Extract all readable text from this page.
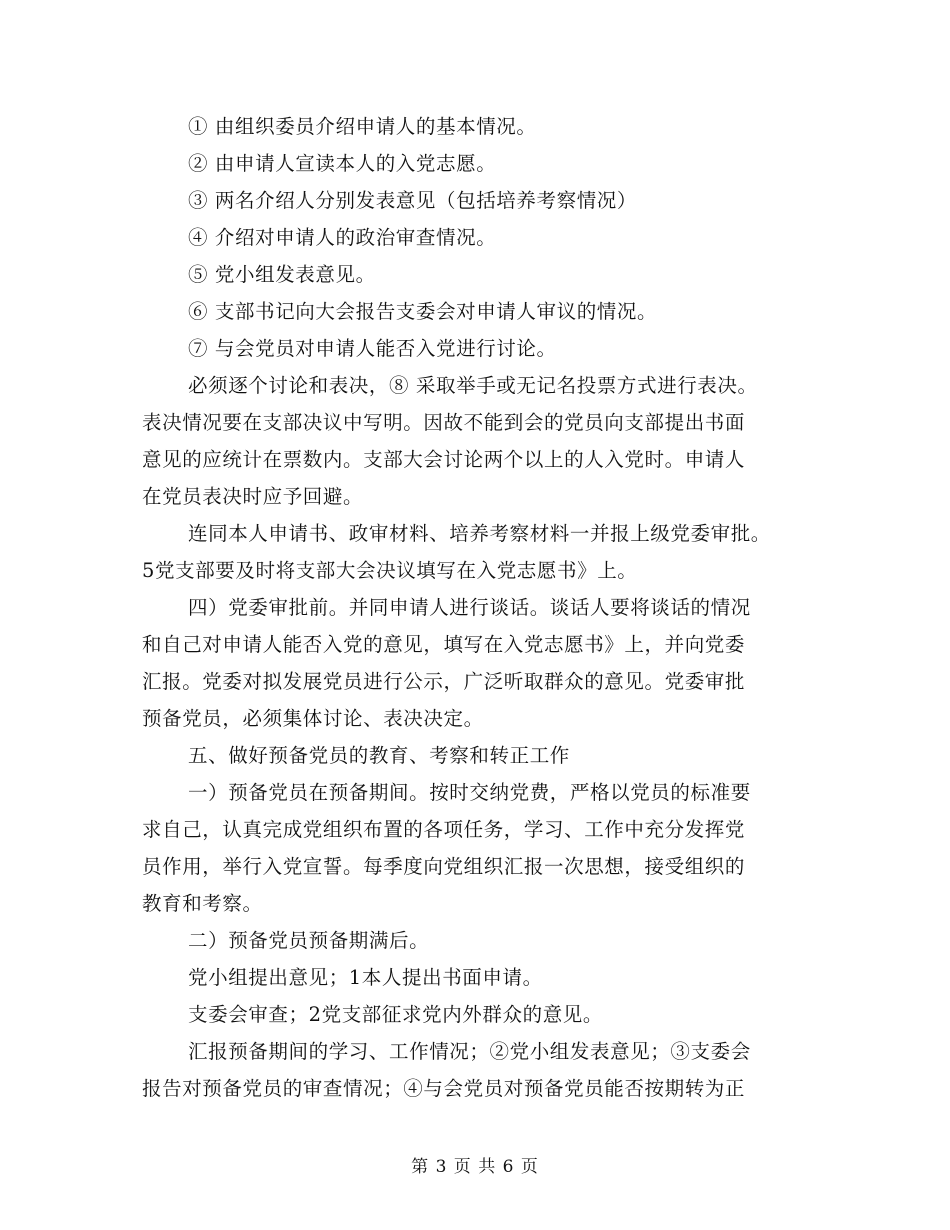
① 由组织委员介绍申请人的基本情况。
② 由申请人宣读本人的入党志愿。
③ 两名介绍人分别发表意见（包括培养考察情况）
④ 介绍对申请人的政治审查情况。
⑤ 党小组发表意见。
⑥ 支部书记向大会报告支委会对申请人审议的情况。
⑦ 与会党员对申请人能否入党进行讨论。
必须逐个讨论和表决，⑧ 采取举手或无记名投票方式进行表决。
表决情况要在支部决议中写明。因故不能到会的党员向支部提出书面
意见的应统计在票数内。支部大会讨论两个以上的人入党时。申请人
在党员表决时应予回避。
连同本人申请书、政审材料、培养考察材料一并报上级党委审批。
5党支部要及时将支部大会决议填写在入党志愿书》上。
四）党委审批前。并同申请人进行谈话。谈话人要将谈话的情况
和自己对申请人能否入党的意见，填写在入党志愿书》上，并向党委
汇报。党委对拟发展党员进行公示，广泛听取群众的意见。党委审批
预备党员，必须集体讨论、表决决定。
五、做好预备党员的教育、考察和转正工作
一）预备党员在预备期间。按时交纳党费，严格以党员的标准要
求自己，认真完成党组织布置的各项任务，学习、工作中充分发挥党
员作用，举行入党宣誓。每季度向党组织汇报一次思想，接受组织的
教育和考察。
二）预备党员预备期满后。
党小组提出意见；1本人提出书面申请。
支委会审查；2党支部征求党内外群众的意见。
汇报预备期间的学习、工作情况；②党小组发表意见；③支委会
报告对预备党员的审查情况；④与会党员对预备党员能否按期转为正
第 3 页 共 6 页
